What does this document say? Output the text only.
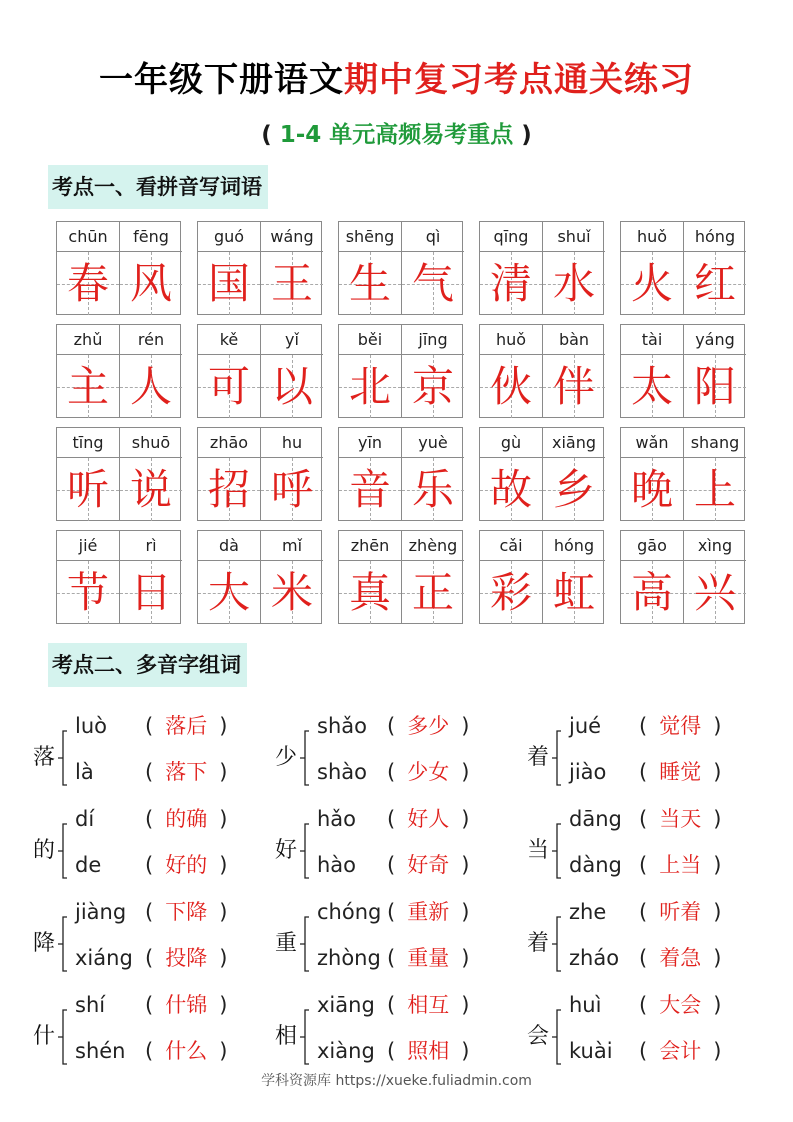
一年级下册语文期中复习考点通关练习
( 1-4 单元高频易考重点 )
考点一、看拼音写词语
chūn
春
fēng
风
guó
国
wáng
王
shēng
生
qì
气
qīng
清
shuǐ
水
huǒ
火
hóng
红
zhǔ
主
rén
人
kě
可
yǐ
以
běi
北
jīng
京
huǒ
伙
bàn
伴
tài
太
yáng
阳
tīng
听
shuō
说
zhāo
招
hu
呼
yīn
音
yuè
乐
gù
故
xiāng
乡
wǎn
晚
shang
上
jié
节
rì
日
dà
大
mǐ
米
zhēn
真
zhèng
正
cǎi
彩
hóng
虹
gāo
高
xìng
兴
考点二、多音字组词
落
luò ( 落后 )
là ( 落下 )
少
shǎo ( 多少 )
shào ( 少女 )
着
jué ( 觉得 )
jiào ( 睡觉 )
的
dí ( 的确 )
de ( 好的 )
好
hǎo ( 好人 )
hào ( 好奇 )
当
dāng ( 当天 )
dàng ( 上当 )
降
jiàng ( 下降 )
xiáng ( 投降 )
重
chóng ( 重新 )
zhòng ( 重量 )
着
zhe ( 听着 )
zháo ( 着急 )
什
shí ( 什锦 )
shén ( 什么 )
相
xiāng ( 相互 )
xiàng ( 照相 )
会
huì ( 大会 )
kuài ( 会计 )
学科资源库 https://xueke.fuliadmin.com
